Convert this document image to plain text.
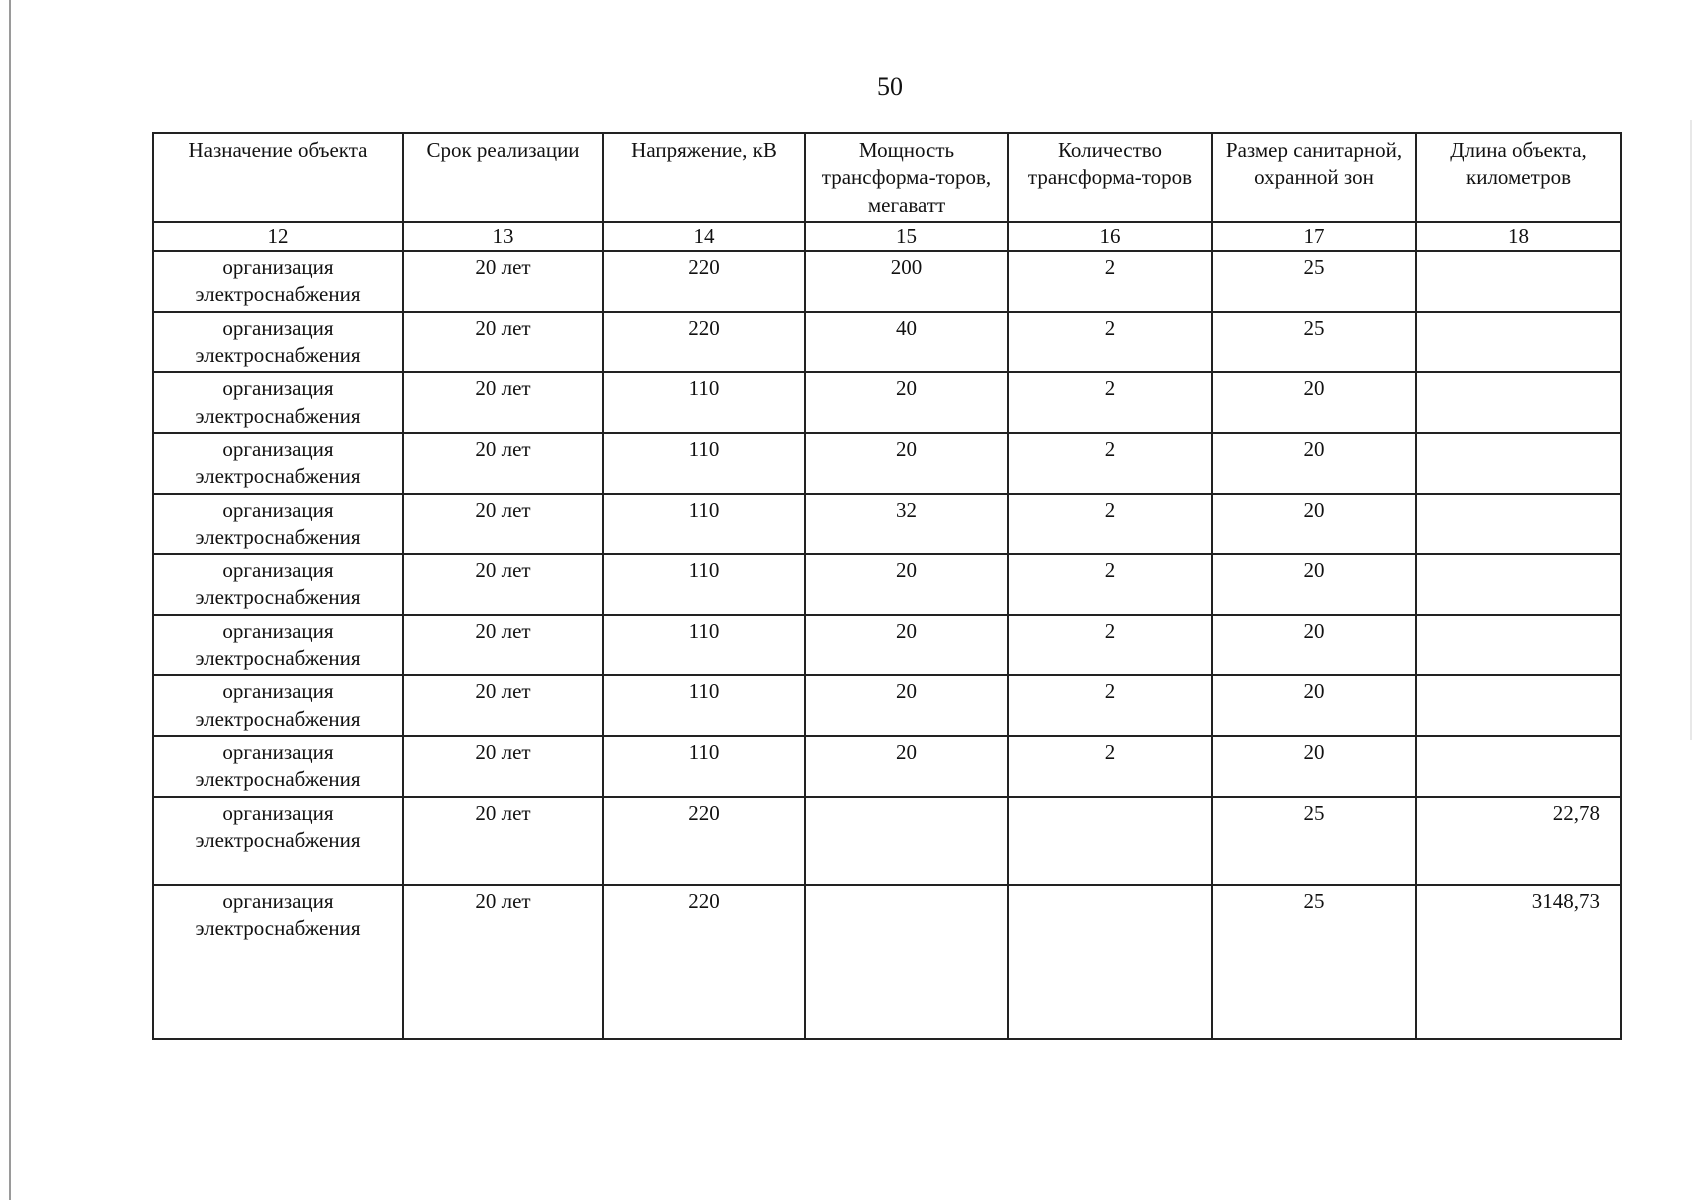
50
Назначение объекта	Срок реализации	Напряжение, кВ	Мощность трансформа-торов, мегаватт	Количество трансформа-торов	Размер санитарной, охранной зон	Длина объекта, километров
12	13	14	15	16	17	18
организация электроснабжения	20 лет	220	200	2	25	
организация электроснабжения	20 лет	220	40	2	25	
организация электроснабжения	20 лет	110	20	2	20	
организация электроснабжения	20 лет	110	20	2	20	
организация электроснабжения	20 лет	110	32	2	20	
организация электроснабжения	20 лет	110	20	2	20	
организация электроснабжения	20 лет	110	20	2	20	
организация электроснабжения	20 лет	110	20	2	20	
организация электроснабжения	20 лет	110	20	2	20	
организация электроснабжения	20 лет	220			25	22,78
организация электроснабжения	20 лет	220			25	3148,73
